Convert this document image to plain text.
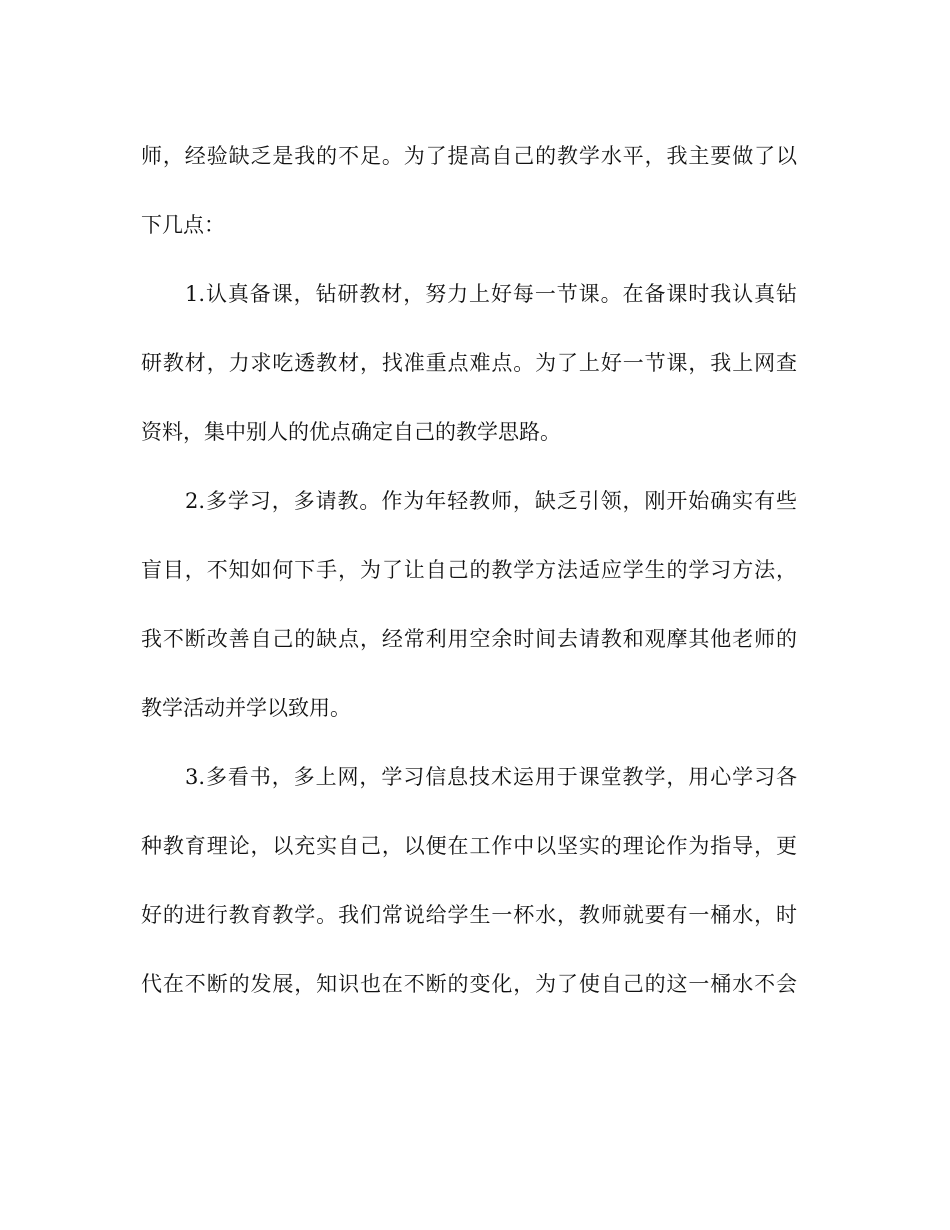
师，经验缺乏是我的不足。为了提高自己的教学水平，我主要做了以
下几点：
1.认真备课，钻研教材，努力上好每一节课。在备课时我认真钻
研教材，力求吃透教材，找准重点难点。为了上好一节课，我上网查
资料，集中别人的优点确定自己的教学思路。
2.多学习，多请教。作为年轻教师，缺乏引领，刚开始确实有些
盲目，不知如何下手，为了让自己的教学方法适应学生的学习方法，
我不断改善自己的缺点，经常利用空余时间去请教和观摩其他老师的
教学活动并学以致用。
3.多看书，多上网，学习信息技术运用于课堂教学，用心学习各
种教育理论，以充实自己，以便在工作中以坚实的理论作为指导，更
好的进行教育教学。我们常说给学生一杯水，教师就要有一桶水，时
代在不断的发展，知识也在不断的变化，为了使自己的这一桶水不会
